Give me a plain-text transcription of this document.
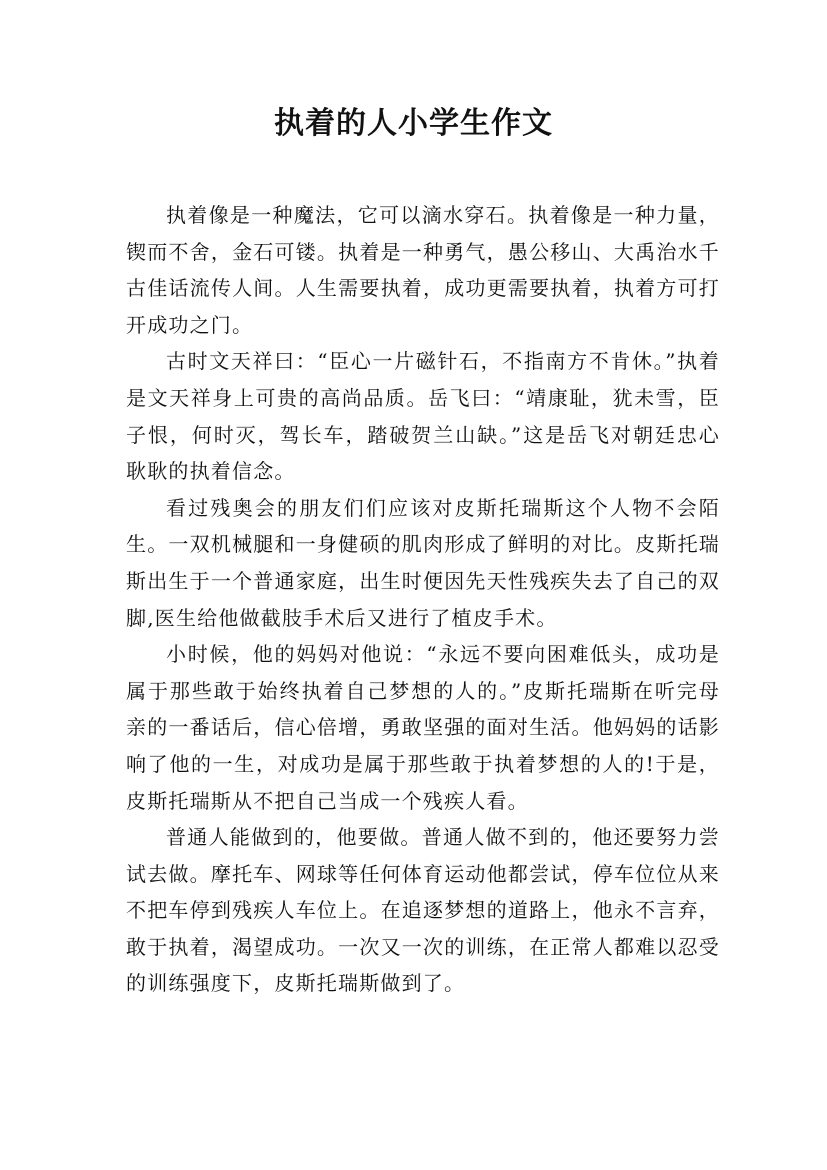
执着的人小学生作文

执着像是一种魔法，它可以滴水穿石。执着像是一种力量，锲而不舍，金石可镂。执着是一种勇气，愚公移山、大禹治水千古佳话流传人间。人生需要执着，成功更需要执着，执着方可打开成功之门。

古时文天祥曰：“臣心一片磁针石，不指南方不肯休。”执着是文天祥身上可贵的高尚品质。岳飞曰：“靖康耻，犹未雪，臣子恨，何时灭，驾长车，踏破贺兰山缺。”这是岳飞对朝廷忠心耿耿的执着信念。

看过残奥会的朋友们们应该对皮斯托瑞斯这个人物不会陌生。一双机械腿和一身健硕的肌肉形成了鲜明的对比。皮斯托瑞斯出生于一个普通家庭，出生时便因先天性残疾失去了自己的双脚,医生给他做截肢手术后又进行了植皮手术。

小时候，他的妈妈对他说：“永远不要向困难低头，成功是属于那些敢于始终执着自己梦想的人的。”皮斯托瑞斯在听完母亲的一番话后，信心倍增，勇敢坚强的面对生活。他妈妈的话影响了他的一生，对成功是属于那些敢于执着梦想的人的!于是，皮斯托瑞斯从不把自己当成一个残疾人看。

普通人能做到的，他要做。普通人做不到的，他还要努力尝试去做。摩托车、网球等任何体育运动他都尝试，停车位位从来不把车停到残疾人车位上。在追逐梦想的道路上，他永不言弃，敢于执着，渴望成功。一次又一次的训练，在正常人都难以忍受的训练强度下，皮斯托瑞斯做到了。
